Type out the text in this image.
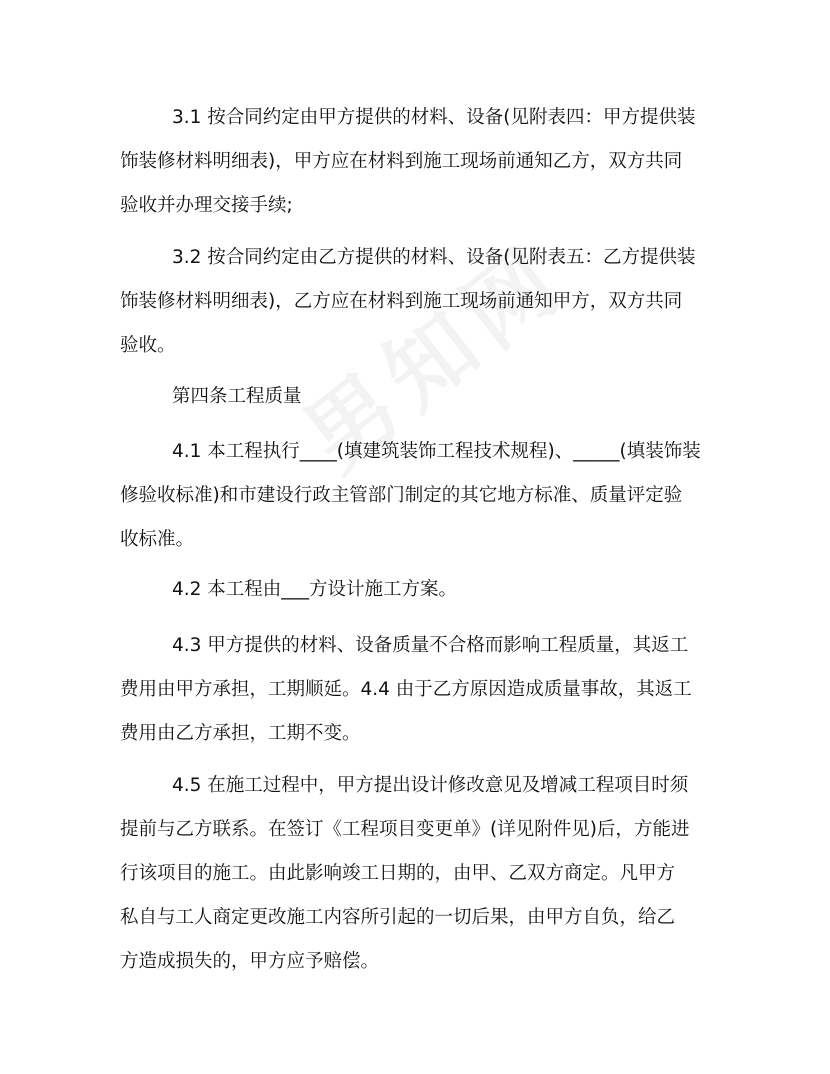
3.1 按合同约定由甲方提供的材料、设备(见附表四：甲方提供装
饰装修材料明细表)，甲方应在材料到施工现场前通知乙方，双方共同
验收并办理交接手续;
3.2 按合同约定由乙方提供的材料、设备(见附表五：乙方提供装
饰装修材料明细表)，乙方应在材料到施工现场前通知甲方，双方共同
验收。
第四条工程质量
4.1 本工程执行____(填建筑装饰工程技术规程)、_____(填装饰装
修验收标准)和市建设行政主管部门制定的其它地方标准、质量评定验
收标准。
4.2 本工程由___方设计施工方案。
4.3 甲方提供的材料、设备质量不合格而影响工程质量，其返工
费用由甲方承担，工期顺延。4.4 由于乙方原因造成质量事故，其返工
费用由乙方承担，工期不变。
4.5 在施工过程中，甲方提出设计修改意见及增减工程项目时须
提前与乙方联系。在签订《工程项目变更单》(详见附件见)后，方能进
行该项目的施工。由此影响竣工日期的，由甲、乙双方商定。凡甲方
私自与工人商定更改施工内容所引起的一切后果，由甲方自负，给乙
方造成损失的，甲方应予赔偿。
